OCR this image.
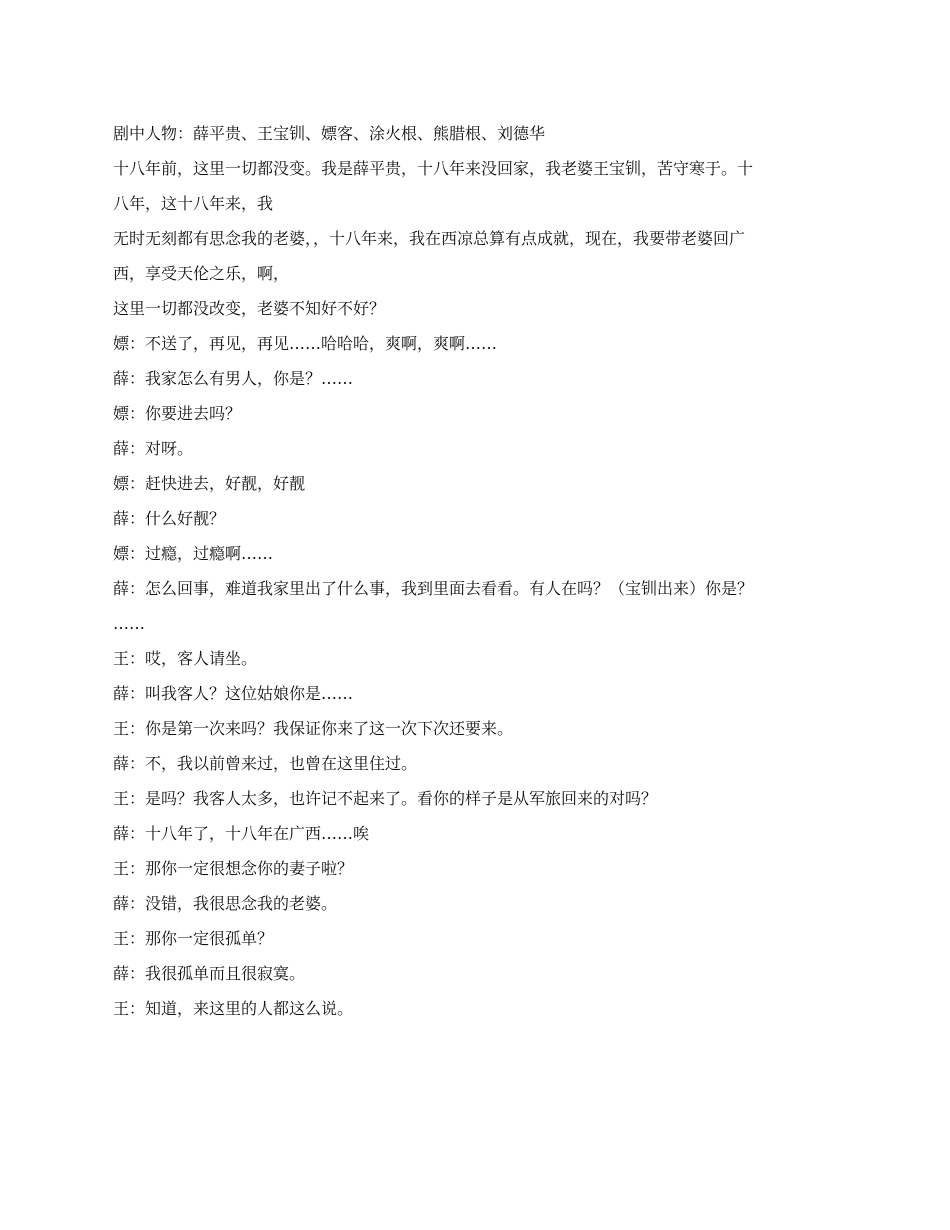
剧中人物：薛平贵、王宝钏、嫖客、涂火根、熊腊根、刘德华

十八年前，这里一切都没变。我是薛平贵，十八年来没回家，我老婆王宝钏，苦守寒于。十

八年，这十八年来，我

无时无刻都有思念我的老婆，，十八年来，我在西凉总算有点成就，现在，我要带老婆回广

西，享受天伦之乐，啊，

这里一切都没改变，老婆不知好不好？

嫖：不送了，再见，再见……哈哈哈，爽啊，爽啊……

薛：我家怎么有男人，你是？……

嫖：你要进去吗？

薛：对呀。

嫖：赶快进去，好靓，好靓

薛：什么好靓？

嫖：过瘾，过瘾啊……

薛：怎么回事，难道我家里出了什么事，我到里面去看看。有人在吗？（宝钏出来）你是？

……

王：哎，客人请坐。

薛：叫我客人？这位姑娘你是……

王：你是第一次来吗？我保证你来了这一次下次还要来。

薛：不，我以前曾来过，也曾在这里住过。

王：是吗？我客人太多，也许记不起来了。看你的样子是从军旅回来的对吗？

薛：十八年了，十八年在广西……唉

王：那你一定很想念你的妻子啦？

薛：没错，我很思念我的老婆。

王：那你一定很孤单？

薛：我很孤单而且很寂寞。

王：知道，来这里的人都这么说。
